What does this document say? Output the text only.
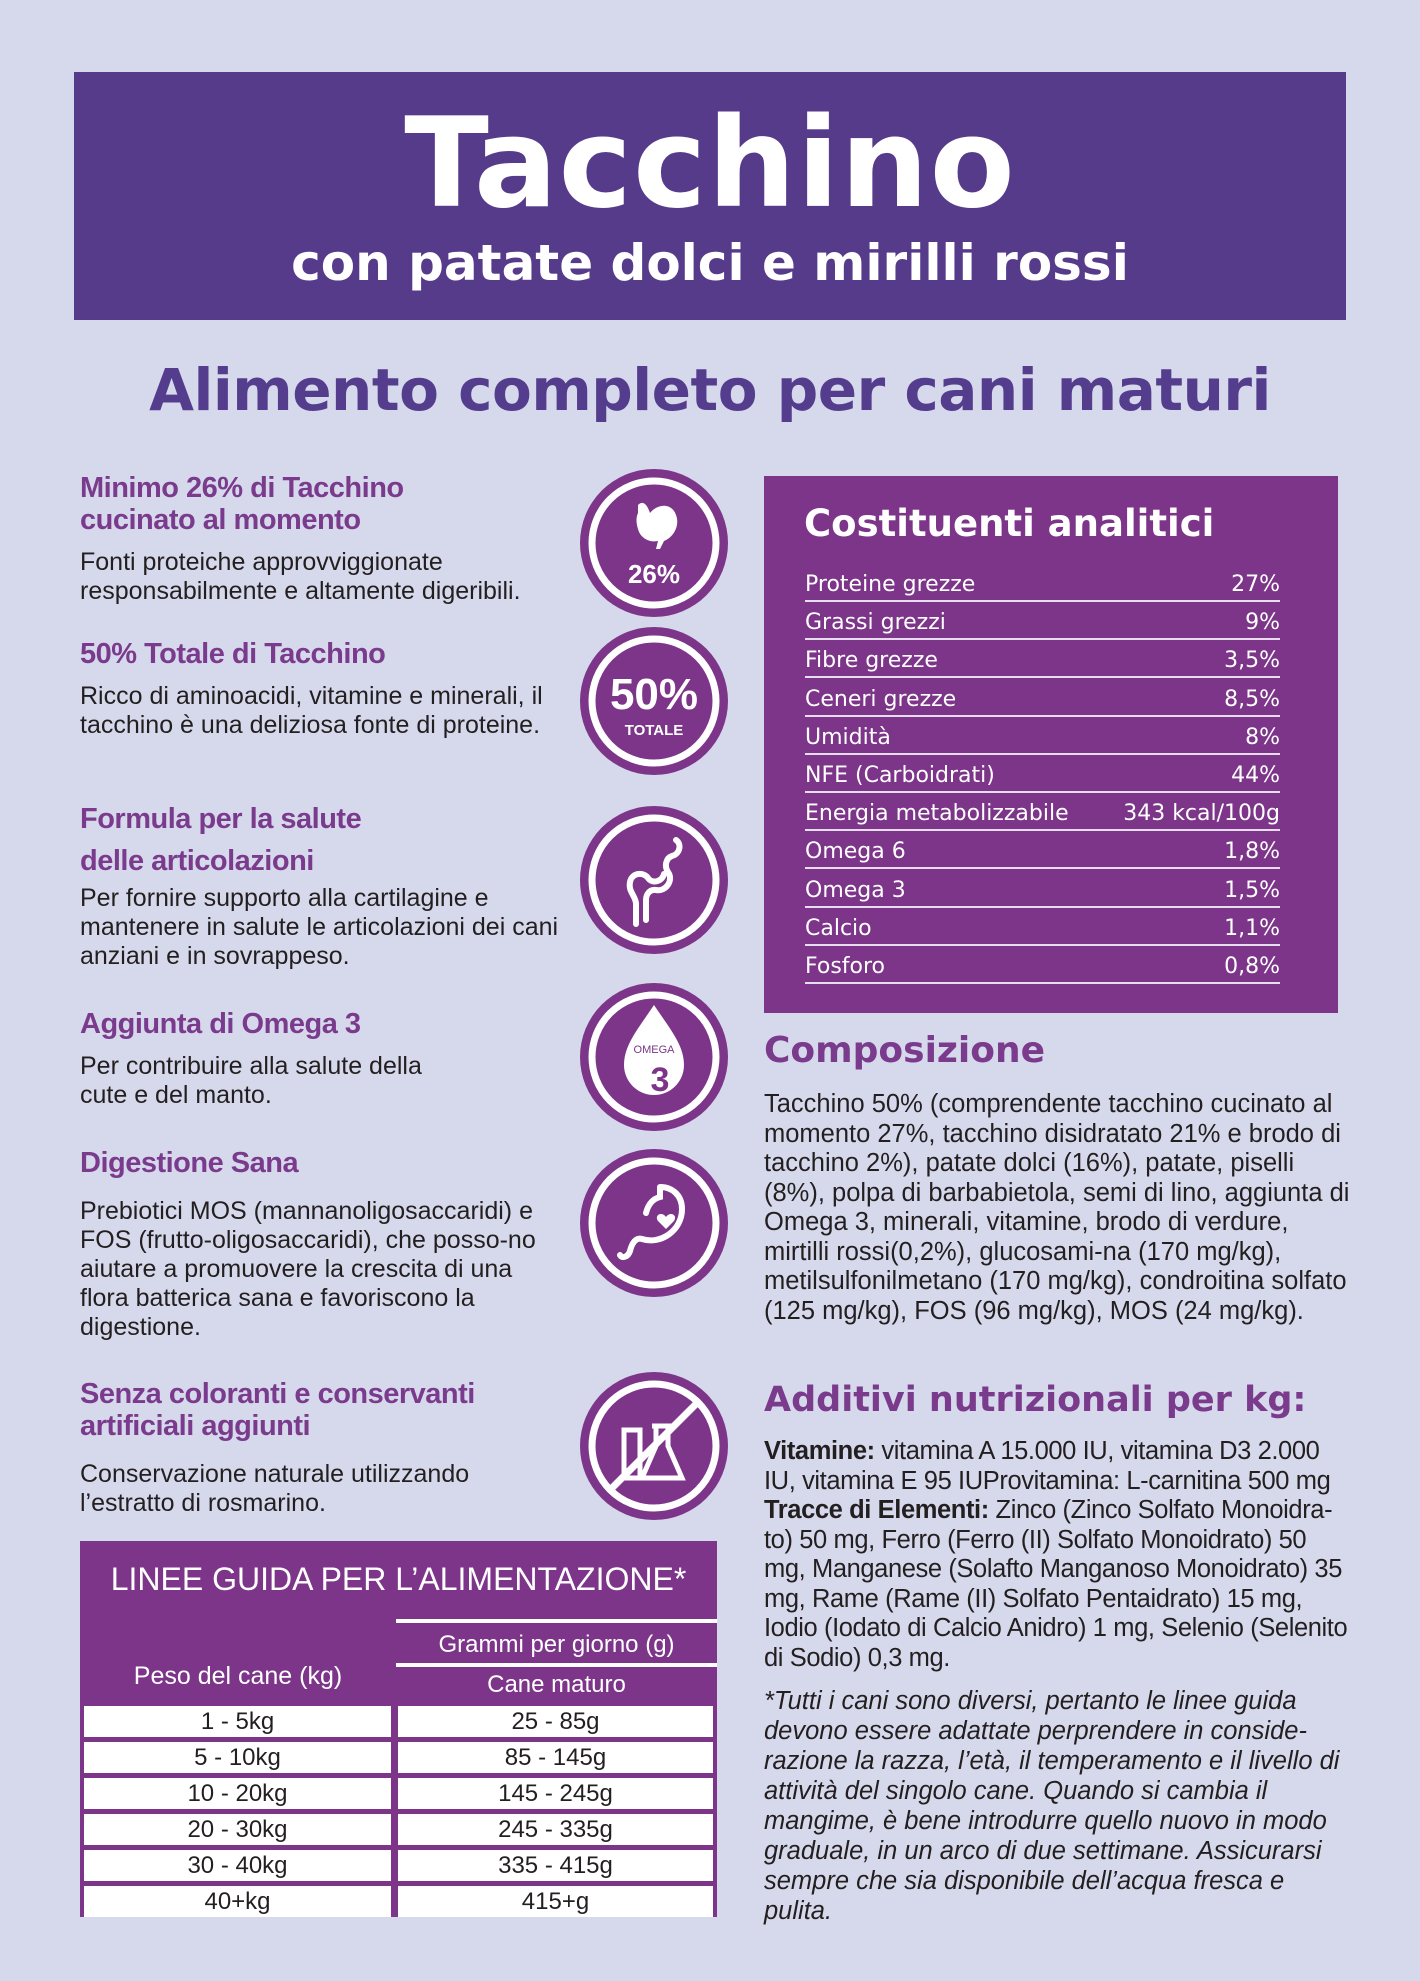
Tacchino
con patate dolci e mirilli rossi
Alimento completo per cani maturi
Minimo 26% di Tacchino
cucinato al momento

Fonti proteiche approvviggionate responsabilmente e altamente digeribili.

50% Totale di Tacchino

Ricco di aminoacidi, vitamine e minerali, il tacchino è una deliziosa fonte di proteine.

Formula per la salute
delle articolazioni

Per fornire supporto alla cartilagine e mantenere in salute le articolazioni dei cani anziani e in sovrappeso.

Aggiunta di Omega 3

Per contribuire alla salute della cute e del manto.

Digestione Sana

Prebiotici MOS (mannanoligosaccaridi) e FOS (frutto-oligosaccaridi), che posso-no aiutare a promuovere la crescita di una flora batterica sana e favoriscono la digestione.

Senza coloranti e conservanti
artificiali aggiunti

Conservazione naturale utilizzando l’estratto di rosmarino.

26%
50%
TOTALE
OMEGA
3
Costituenti analitici
Proteine grezze	27%
Grassi grezzi	9%
Fibre grezze	3,5%
Ceneri grezze	8,5%
Umidità	8%
NFE (Carboidrati)	44%
Energia metabolizzabile 343 kcal/100g
Omega 6	1,8%
Omega 3	1,5%
Calcio	1,1%
Fosforo	0,8%
Composizione
Tacchino 50% (comprendente tacchino cucinato al momento 27%, tacchino disidratato 21% e brodo di tacchino 2%), patate dolci (16%), patate, piselli (8%), polpa di barbabietola, semi di lino, aggiunta di Omega 3, minerali, vitamine, brodo di verdure, mirtilli rossi(0,2%), glucosami-na (170 mg/kg), metilsulfonilmetano (170 mg/kg), condroitina solfato (125 mg/kg), FOS (96 mg/kg), MOS (24 mg/kg).
Additivi nutrizionali per kg:
Vitamine: vitamina A 15.000 IU, vitamina D3 2.000 IU, vitamina E 95 IUProvitamina: L-carnitina 500 mg
Tracce di Elementi: Zinco (Zinco Solfato Monoidra-to) 50 mg, Ferro (Ferro (II) Solfato Monoidrato) 50 mg, Manganese (Solafto Manganoso Monoidrato) 35 mg, Rame (Rame (II) Solfato Pentaidrato) 15 mg, Iodio (Iodato di Calcio Anidro) 1 mg, Selenio (Selenito di Sodio) 0,3 mg.
*Tutti i cani sono diversi, pertanto le linee guida devono essere adattate perprendere in conside-razione la razza, l’età, il temperamento e il livello di attività del singolo cane. Quando si cambia il mangime, è bene introdurre quello nuovo in modo graduale, in un arco di due settimane. Assicurarsi sempre che sia disponibile dell’acqua fresca e pulita.
LINEE GUIDA PER L’ALIMENTAZIONE*
Peso del cane (kg)
Grammi per giorno (g)
Cane maturo
1 - 5kg	25 - 85g
5 - 10kg	85 - 145g
10 - 20kg	145 - 245g
20 - 30kg	245 - 335g
30 - 40kg	335 - 415g
40+kg	415+g
